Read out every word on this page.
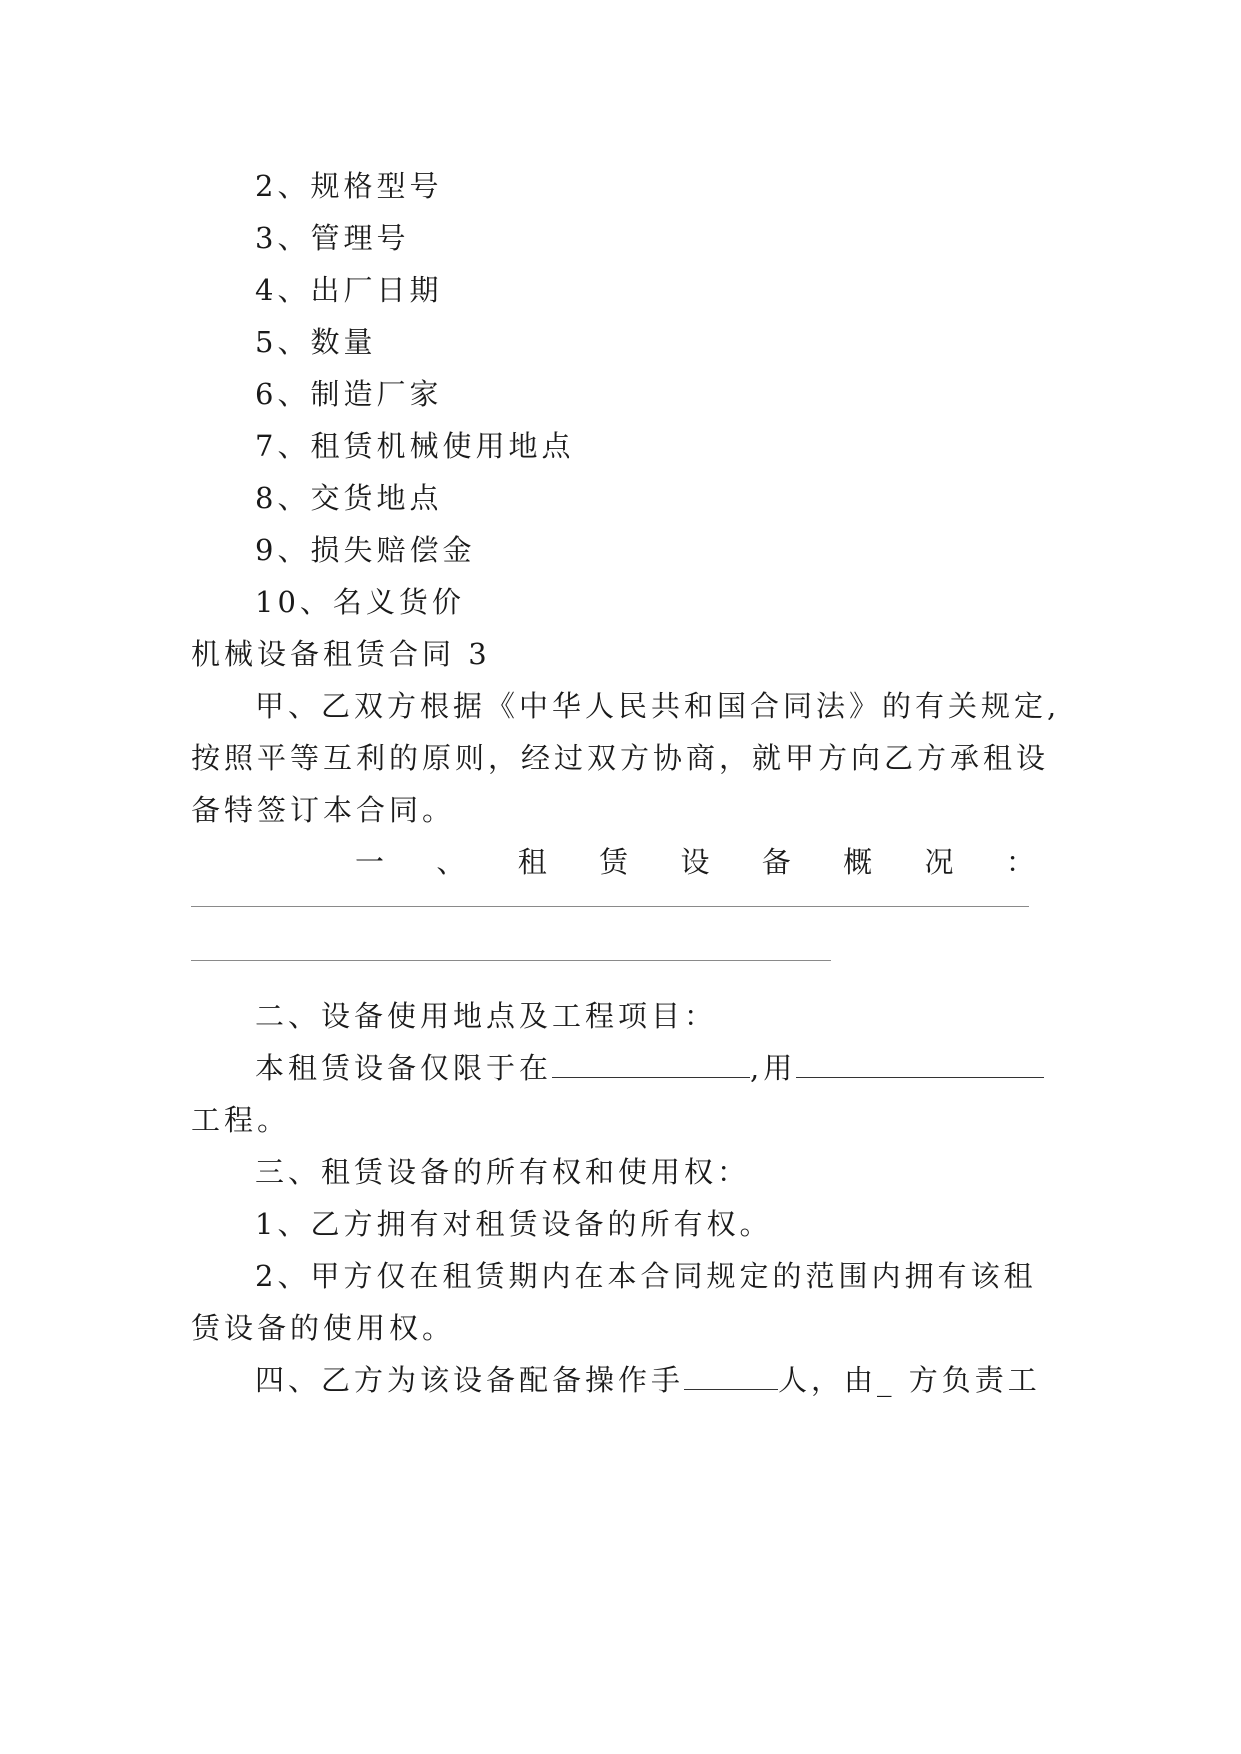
2、规格型号
3、管理号
4、出厂日期
5、数量
6、制造厂家
7、租赁机械使用地点
8、交货地点
9、损失赔偿金
10、名义货价
机械设备租赁合同 3
甲、乙双方根据《中华人民共和国合同法》的有关规定,
按照平等互利的原则，经过双方协商，就甲方向乙方承租设
备特签订本合同。
一 、 租 赁 设 备 概 况 ：
二、设备使用地点及工程项目：
本租赁设备仅限于在	,用
工程。
三、租赁设备的所有权和使用权：
1、乙方拥有对租赁设备的所有权。
2、甲方仅在租赁期内在本合同规定的范围内拥有该租
赁设备的使用权。
四、乙方为该设备配备操作手	人，由_ 方负责工
